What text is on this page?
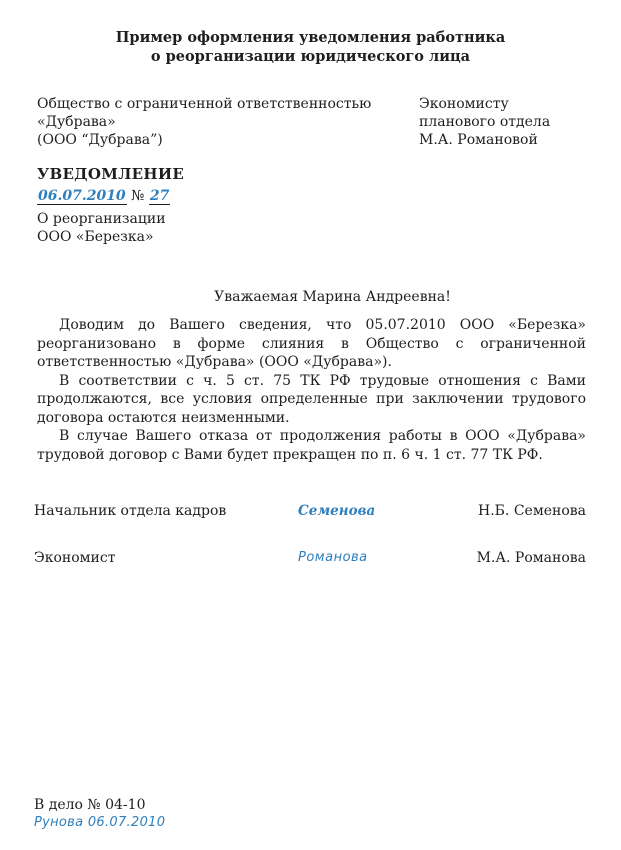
Пример оформления уведомления работника
о реорганизации юридического лица
Общество с ограниченной ответственностью
«Дубрава»
(ООО “Дубрава”)
Экономисту
планового отдела
М.А. Романовой
УВЕДОМЛЕНИЕ
06.07.2010 № 27
О реорганизации
ООО «Березка»
Уважаемая Марина Андреевна!

Доводим до Вашего сведения, что 05.07.2010 ООО «Березка» реорганизовано в форме слияния в Общество с ограниченной ответственностью «Дубрава» (ООО «Дубрава»).

В соответствии с ч. 5 ст. 75 ТК РФ трудовые отношения с Вами продолжаются, все условия определенные при заключении трудового договора остаются неизменными.

В случае Вашего отказа от продолжения работы в ООО «Дубрава» трудовой договор с Вами будет прекращен по п. 6 ч. 1 ст. 77 ТК РФ.

Начальник отдела кадров	Семенова	Н.Б. Семенова
Экономист	Романова	М.А. Романова
В дело № 04-10
Рунова 06.07.2010
